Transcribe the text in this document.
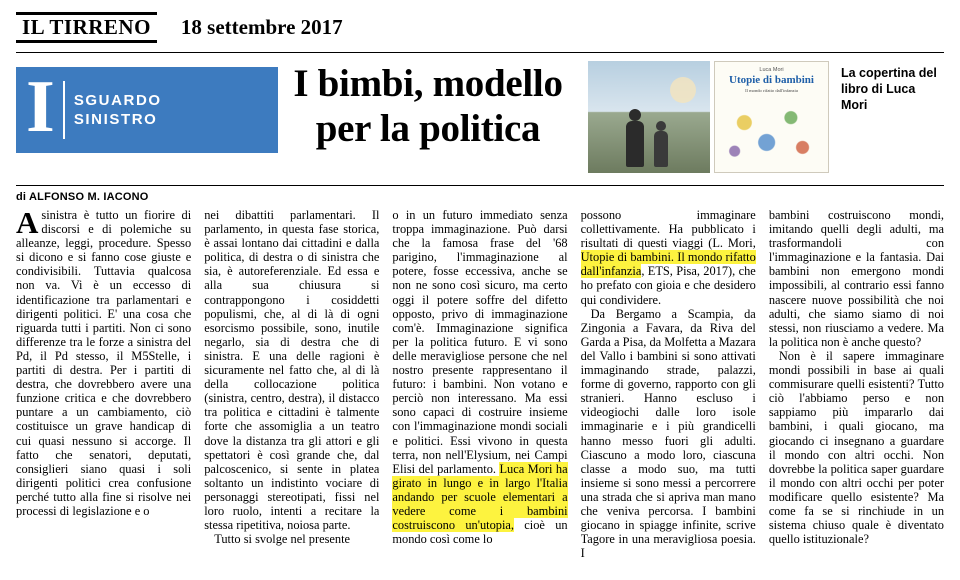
IL TIRRENO 18 settembre 2017
I SGUARDO
SINISTRO
I bimbi, modello per la politica
Luca Mori
Utopie di bambini
Il mondo rifatto dall'infanzia
La copertina del libro di Luca Mori
di ALFONSO M. IACONO

Asinistra è tutto un fiorire di discorsi e di polemiche su alleanze, leggi, procedure. Spesso si dicono e si fanno cose giuste e condivisibili. Tuttavia qualcosa non va. Vi è un eccesso di identificazione tra parlamentari e dirigenti politici. E' una cosa che riguarda tutti i partiti. Non ci sono differenze tra le forze a sinistra del Pd, il Pd stesso, il M5Stelle, i partiti di destra. Per i partiti di destra, che dovrebbero avere una funzione critica e che dovrebbero puntare a un cambiamento, ciò costituisce un grave handicap di cui quasi nessuno si accorge. Il fatto che senatori, deputati, consiglieri siano quasi i soli dirigenti politici crea confusione perché tutto alla fine si risolve nei processi di legislazione e o

nei dibattiti parlamentari. Il parlamento, in questa fase storica, è assai lontano dai cittadini e dalla politica, di destra o di sinistra che sia, è autoreferenziale. Ed essa e alla sua chiusura si contrappongono i cosiddetti populismi, che, al di là di ogni esorcismo possibile, sono, inutile negarlo, sia di destra che di sinistra. E una delle ragioni è sicuramente nel fatto che, al di là della collocazione politica (sinistra, centro, destra), il distacco tra politica e cittadini è talmente forte che assomiglia a un teatro dove la distanza tra gli attori e gli spettatori è così grande che, dal palcoscenico, si sente in platea soltanto un indistinto vociare di personaggi stereotipati, fissi nel loro ruolo, intenti a recitare la stessa ripetitiva, noiosa parte.

Tutto si svolge nel presente

o in un futuro immediato senza troppa immaginazione. Può darsi che la famosa frase del '68 parigino, l'immaginazione al potere, fosse eccessiva, anche se non ne sono così sicuro, ma certo oggi il potere soffre del difetto opposto, privo di immaginazione com'è. Immaginazione significa per la politica futuro. E vi sono delle meravigliose persone che nel nostro presente rappresentano il futuro: i bambini. Non votano e perciò non interessano. Ma essi sono capaci di costruire insieme con l'immaginazione mondi sociali e politici. Essi vivono in questa terra, non nell'Elysium, nei Campi Elisi del parlamento. Luca Mori ha girato in lungo e in largo l'Italia andando per scuole elementari a vedere come i bambini costruiscono un'utopia, cioè un mondo così come lo

possono immaginare collettivamente. Ha pubblicato i risultati di questi viaggi (L. Mori, Utopie di bambini. Il mondo rifatto dall'infanzia, ETS, Pisa, 2017), che ho prefato con gioia e che desidero qui condividere.

Da Bergamo a Scampia, da Zingonia a Favara, da Riva del Garda a Pisa, da Molfetta a Mazara del Vallo i bambini si sono attivati immaginando strade, palazzi, forme di governo, rapporto con gli stranieri. Hanno escluso i videogiochi dalle loro isole immaginarie e i più grandicelli hanno messo fuori gli adulti. Ciascuno a modo loro, ciascuna classe a modo suo, ma tutti insieme si sono messi a percorrere una strada che si apriva man mano che veniva percorsa. I bambini giocano in spiagge infinite, scrive Tagore in una meravigliosa poesia. I

bambini costruiscono mondi, imitando quelli degli adulti, ma trasformandoli con l'immaginazione e la fantasia. Dai bambini non emergono mondi impossibili, al contrario essi fanno nascere nuove possibilità che noi adulti, che siamo siamo di noi stessi, non riusciamo a vedere. Ma la politica non è anche questo?

Non è il sapere immaginare mondi possibili in base ai quali commisurare quelli esistenti? Tutto ciò l'abbiamo perso e non sappiamo più impararlo dai bambini, i quali giocano, ma giocando ci insegnano a guardare il mondo con altri occhi. Non dovrebbe la politica saper guardare il mondo con altri occhi per poter modificare quello esistente? Ma come fa se si rinchiude in un sistema chiuso quale è diventato quello istituzionale?
